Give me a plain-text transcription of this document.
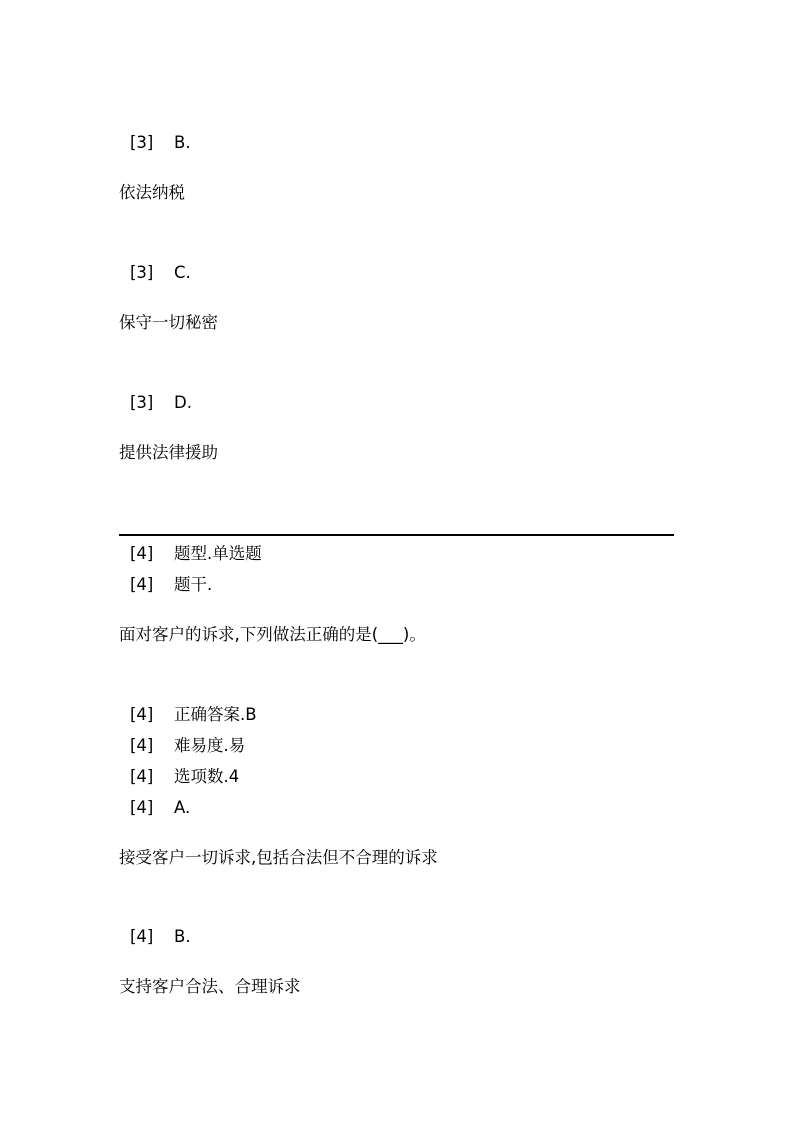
[3] B.
依法纳税
[3] C.
保守一切秘密
[3] D.
提供法律援助
[4] 题型.单选题
[4] 题干.
面对客户的诉求,下列做法正确的是(___)。
[4] 正确答案.B
[4] 难易度.易
[4] 选项数.4
[4] A.
接受客户一切诉求,包括合法但不合理的诉求
[4] B.
支持客户合法、合理诉求
